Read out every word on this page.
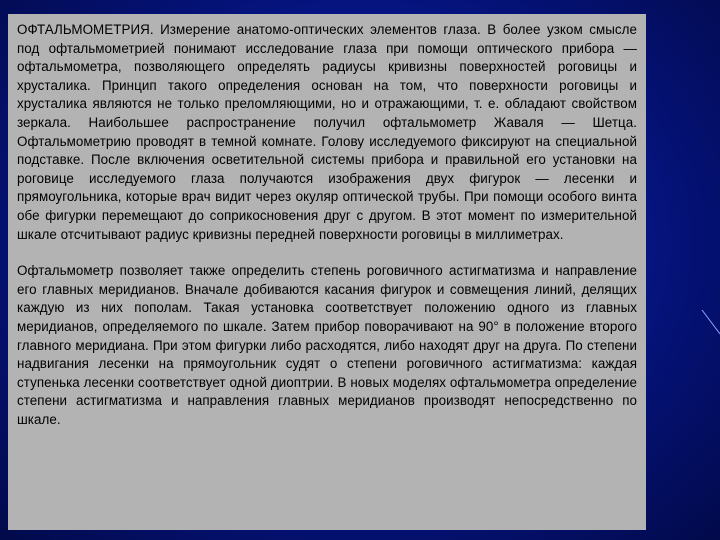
ОФТАЛЬМОМЕТРИЯ. Измерение анатомо-оптических элементов глаза. В более узком смысле под офтальмометрией понимают исследование глаза при помощи оптического прибора — офтальмометра, позволяющего определять радиусы кривизны поверхностей роговицы и хрусталика. Принцип такого определения основан на том, что поверхности роговицы и хрусталика являются не только преломляющими, но и отражающими, т. е. обладают свойством зеркала. Наибольшее распространение получил офтальмометр Жаваля — Шетца. Офтальмометрию проводят в темной комнате. Голову исследуемого фиксируют на специальной подставке. После включения осветительной системы прибора и правильной его установки на роговице исследуемого глаза получаются изображения двух фигурок — лесенки и прямоугольника, которые врач видит через окуляр оптической трубы. При помощи особого винта обе фигурки перемещают до соприкосновения друг с другом. В этот момент по измерительной шкале отсчитывают радиус кривизны передней поверхности роговицы в миллиметрах.

Офтальмометр позволяет также определить степень роговичного астигматизма и направление его главных меридианов. Вначале добиваются касания фигурок и совмещения линий, делящих каждую из них пополам. Такая установка соответствует положению одного из главных меридианов, определяемого по шкале. Затем прибор поворачивают на 90° в положение второго главного меридиана. При этом фигурки либо расходятся, либо находят друг на друга. По степени надвигания лесенки на прямоугольник судят о степени роговичного астигматизма: каждая ступенька лесенки соответствует одной диоптрии. В новых моделях офтальмометра определение степени астигматизма и направления главных меридианов производят непосредственно по шкале.
